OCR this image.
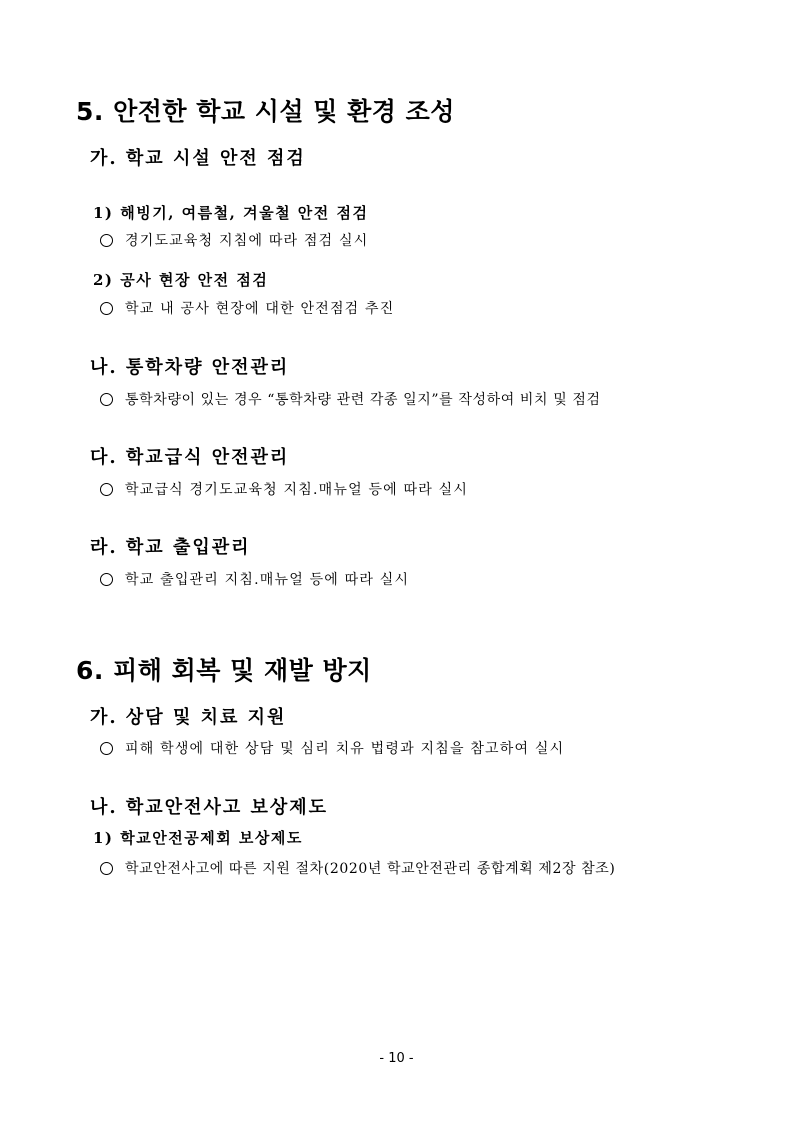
5. 안전한 학교 시설 및 환경 조성
가. 학교 시설 안전 점검
1) 해빙기, 여름철, 겨울철 안전 점검
경기도교육청 지침에 따라 점검 실시
2) 공사 현장 안전 점검
학교 내 공사 현장에 대한 안전점검 추진
나. 통학차량 안전관리
통학차량이 있는 경우 “통학차량 관련 각종 일지”를 작성하여 비치 및 점검
다. 학교급식 안전관리
학교급식 경기도교육청 지침.매뉴얼 등에 따라 실시
라. 학교 출입관리
학교 출입관리 지침.매뉴얼 등에 따라 실시
6. 피해 회복 및 재발 방지
가. 상담 및 치료 지원
피해 학생에 대한 상담 및 심리 치유 법령과 지침을 참고하여 실시
나. 학교안전사고 보상제도
1) 학교안전공제회 보상제도
학교안전사고에 따른 지원 절차(2020년 학교안전관리 종합계획 제2장 참조)
- 10 -
